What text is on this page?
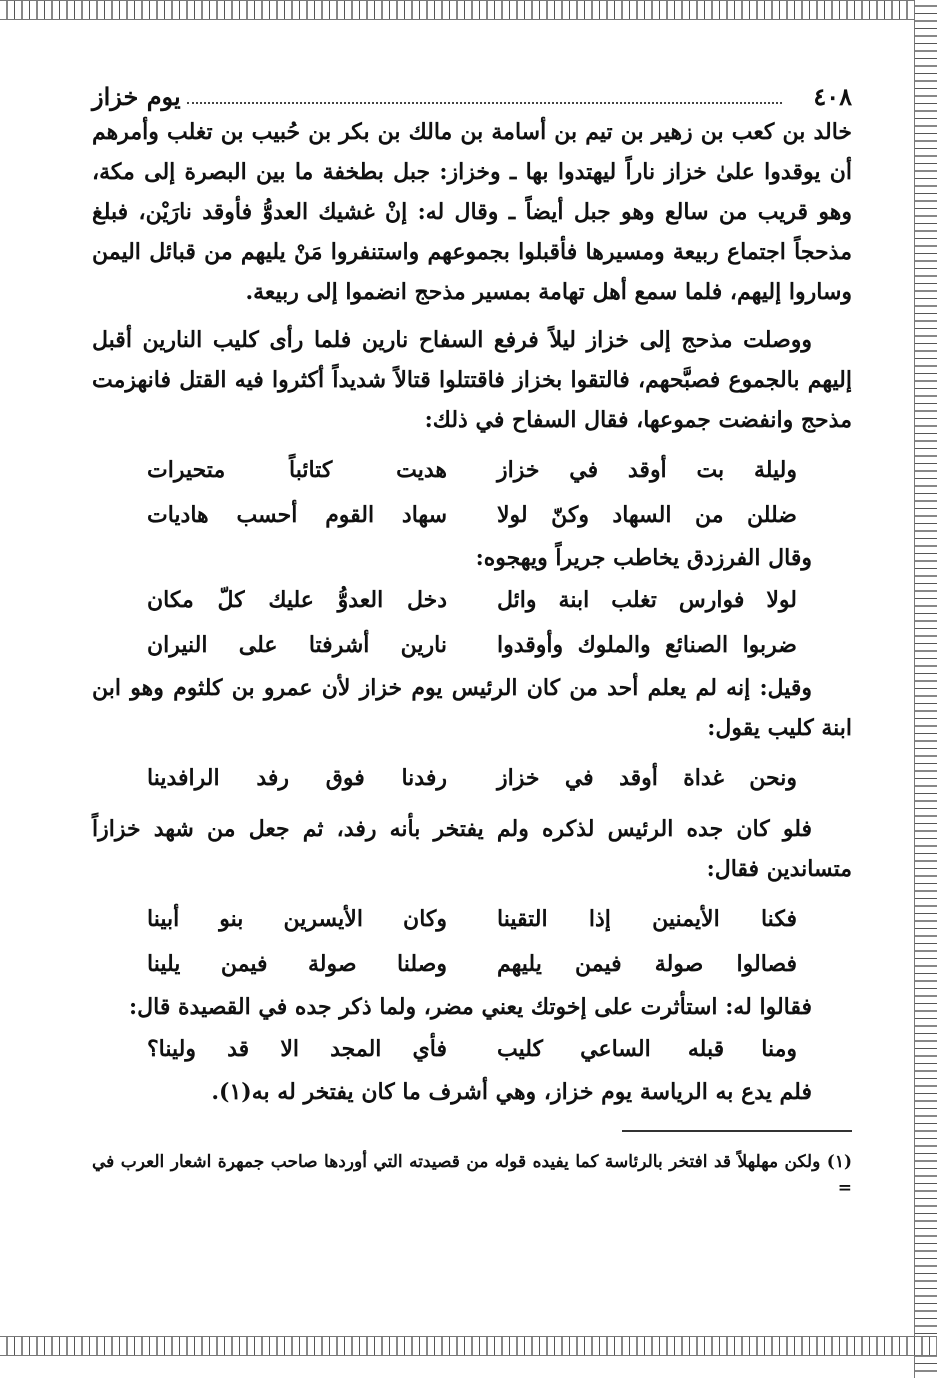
٤٠٨
يوم خزاز

خالد بن كعب بن زهير بن تيم بن أسامة بن مالك بن بكر بن حُبيب بن تغلب وأمرهم أن يوقدوا علىٰ خزاز ناراً ليهتدوا بها ـ وخزاز: جبل بطخفة ما بين البصرة إلى مكة، وهو قريب من سالع وهو جبل أيضاً ـ وقال له: إنْ غشيك العدوُّ فأوقد نارَيْن، فبلغ مذحجاً اجتماع ربيعة ومسيرها فأقبلوا بجموعهم واستنفروا مَنْ يليهم من قبائل اليمن وساروا إليهم، فلما سمع أهل تهامة بمسير مذحج انضموا إلى ربيعة.

ووصلت مذحج إلى خزاز ليلاً فرفع السفاح نارين فلما رأى كليب النارين أقبل إليهم بالجموع فصبَّحهم، فالتقوا بخزاز فاقتتلوا قتالاً شديداً أكثروا فيه القتل فانهزمت مذحج وانفضت جموعها، فقال السفاح في ذلك:

وليلة بت أوقد في خزاز
هديت كتائباً متحيرات
ضللن من السهاد وكنّ لولا
سهاد القوم أحسب هاديات

وقال الفرزدق يخاطب جريراً ويهجوه:

لولا فوارس تغلب ابنة وائل
دخل العدوُّ عليك كلّ مكان
ضربوا الصنائع والملوك وأوقدوا
نارين أشرفتا على النيران

وقيل: إنه لم يعلم أحد من كان الرئيس يوم خزاز لأن عمرو بن كلثوم وهو ابن ابنة كليب يقول:

ونحن غداة أوقد في خزاز
رفدنا فوق رفد الرافدينا

فلو كان جده الرئيس لذكره ولم يفتخر بأنه رفد، ثم جعل من شهد خزازاً متساندين فقال:

فكنا الأيمنين إذا التقينا
وكان الأيسرين بنو أبينا
فصالوا صولة فيمن يليهم
وصلنا صولة فيمن يلينا

فقالوا له: استأثرت على إخوتك يعني مضر، ولما ذكر جده في القصيدة قال:

ومنا قبله الساعي كليب
فأي المجد الا قد ولينا؟

فلم يدع به الرياسة يوم خزاز، وهي أشرف ما كان يفتخر له به(١).

(١) ولكن مهلهلاً قد افتخر بالرئاسة كما يفيده قوله من قصيدته التي أوردها صاحب جمهرة اشعار العرب في =
